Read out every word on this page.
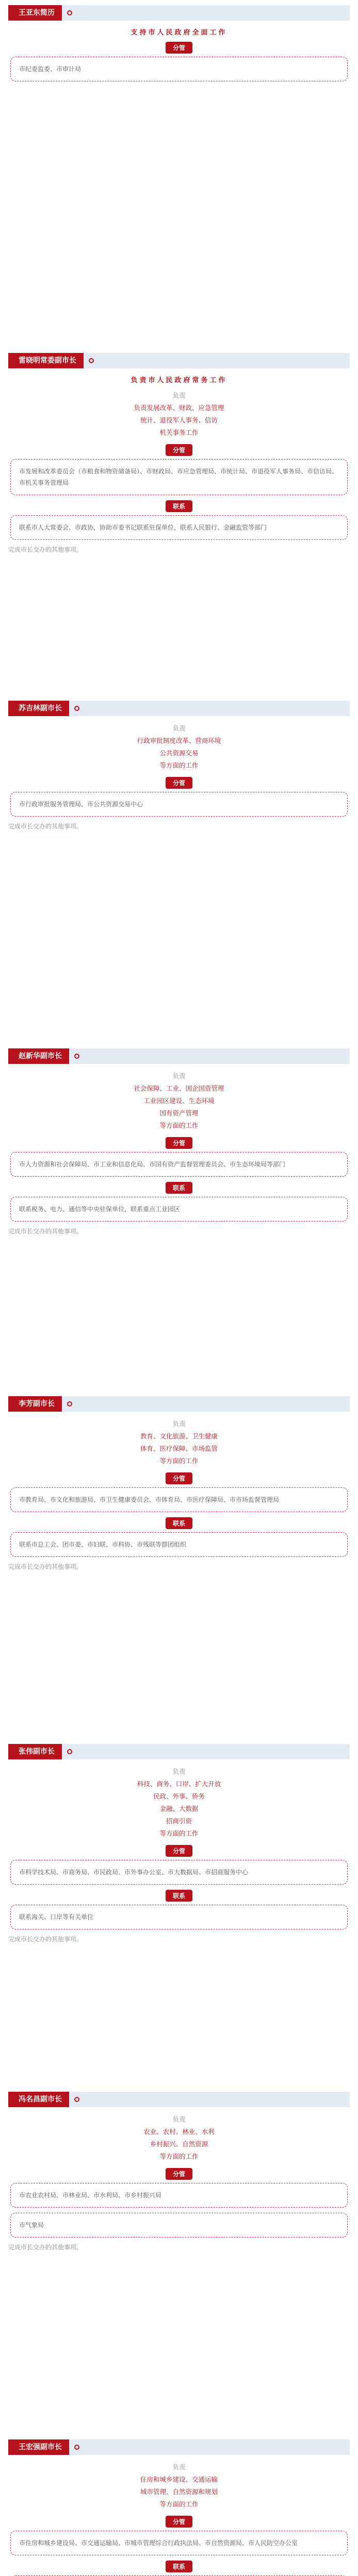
王亚东简历
支持市人民政府全面工作
分管
市纪委监委、市审计局
雷晓明常委副市长
负责市人民政府常务工作
负责
负责发展改革、财政、应急管理
统计、退役军人事务、信访
机关事务工作
分管
市发展和改革委员会（市粮食和物资储备局）、市财政局、市应急管理局、市统计局、市退役军人事务局、市信访局、市机关事务管理局
联系
联系市人大常委会、市政协，协助市委书记联系驻保单位，联系人民银行、金融监管等部门
完成市长交办的其他事项。
苏吉林副市长
负责
行政审批制度改革、营商环境
公共资源交易
等方面的工作
分管
市行政审批服务管理局、市公共资源交易中心
完成市长交办的其他事项。
赵新华副市长
负责
社会保障、工业、国企国资管理
工业园区建设、生态环境
国有资产管理
等方面的工作
分管
市人力资源和社会保障局、市工业和信息化局、市国有资产监督管理委员会、市生态环境局等部门
联系
联系税务、电力、通信等中央驻保单位，联系重点工业园区
完成市长交办的其他事项。
李芳副市长
负责
教育、文化旅游、卫生健康
体育、医疗保障、市场监管
等方面的工作
分管
市教育局、市文化和旅游局、市卫生健康委员会、市体育局、市医疗保障局、市市场监督管理局
联系
联系市总工会、团市委、市妇联、市科协、市残联等群团组织
完成市长交办的其他事项。
张伟副市长
负责
科技、商务、口岸、扩大开放
民政、外事、侨务
金融、大数据
招商引资
等方面的工作
分管
市科学技术局、市商务局、市民政局、市外事办公室、市大数据局、市招商服务中心
联系
联系海关、口岸等有关单位
完成市长交办的其他事项。
冯名昌副市长
负责
农业、农村、林业、水利
乡村振兴、自然资源
等方面的工作
分管
市农业农村局、市林业局、市水利局、市乡村振兴局
市气象局
完成市长交办的其他事项。
王宏强副市长
负责
住房和城乡建设、交通运输
城市管理、自然资源和规划
等方面的工作
分管
市住房和城乡建设局、市交通运输局、市城市管理综合行政执法局、市自然资源局、市人民防空办公室
联系
